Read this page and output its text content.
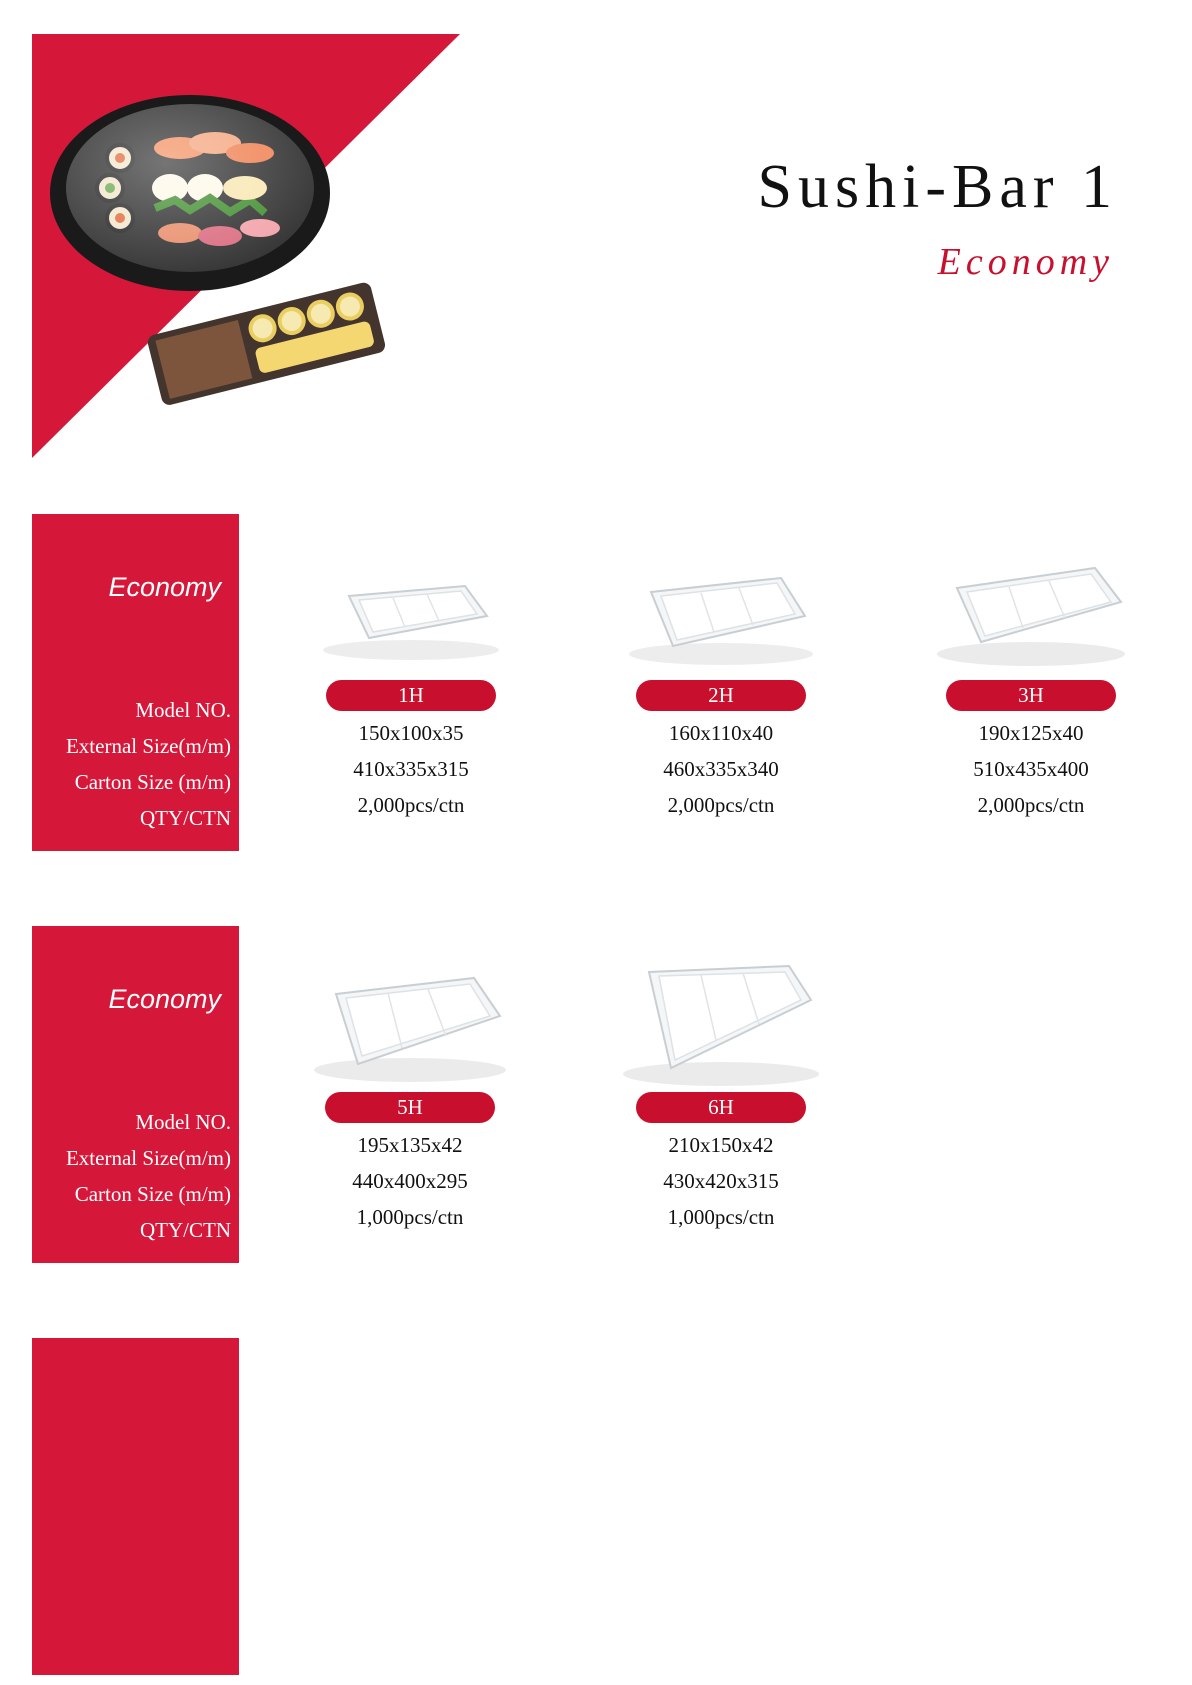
Sushi-Bar 1
Economy
Economy
Model NO.
External Size(m/m)
Carton Size (m/m)
QTY/CTN
1H
150x100x35
410x335x315
2,000pcs/ctn
2H
160x110x40
460x335x340
2,000pcs/ctn
3H
190x125x40
510x435x400
2,000pcs/ctn
Economy
Model NO.
External Size(m/m)
Carton Size (m/m)
QTY/CTN
5H
195x135x42
440x400x295
1,000pcs/ctn
6H
210x150x42
430x420x315
1,000pcs/ctn
